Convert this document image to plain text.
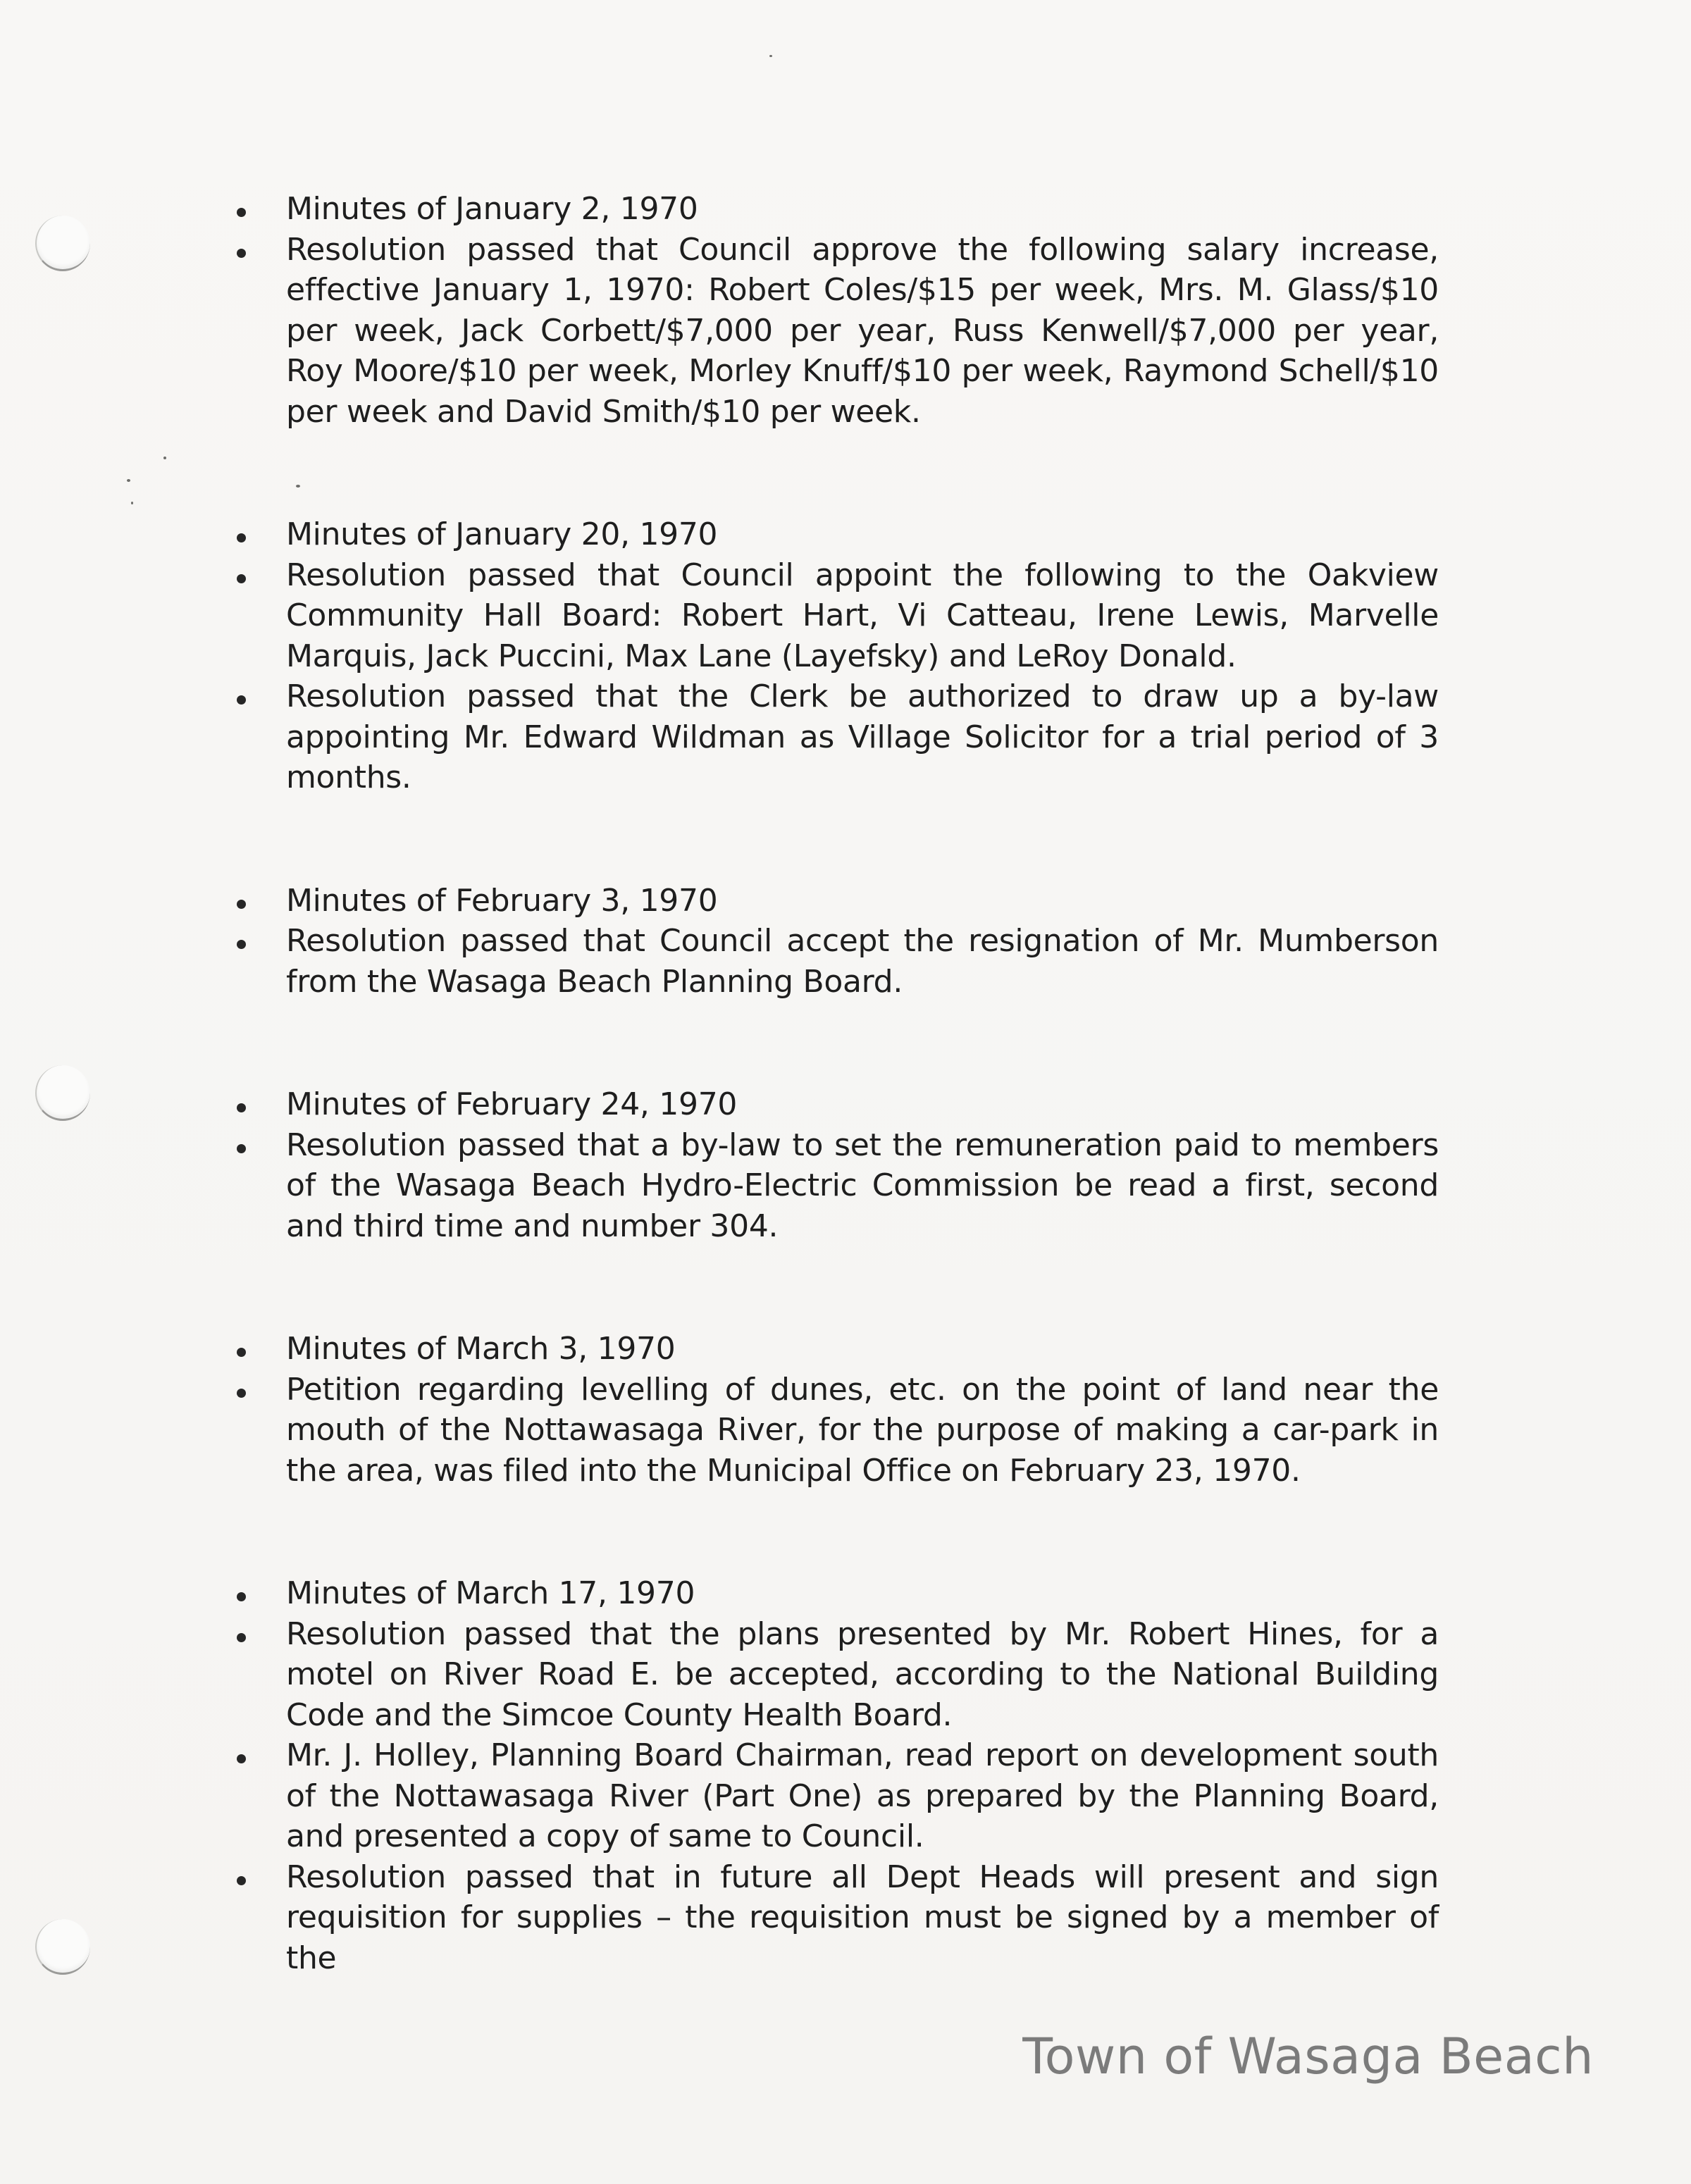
Minutes of January 2, 1970
Resolution passed that Council approve the following salary increase, effective January 1, 1970: Robert Coles/$15 per week, Mrs. M. Glass/$10 per week, Jack Corbett/$7,000 per year, Russ Kenwell/$7,000 per year, Roy Moore/$10 per week, Morley Knuff/$10 per week, Raymond Schell/$10 per week and David Smith/$10 per week.
Minutes of January 20, 1970
Resolution passed that Council appoint the following to the Oakview Community Hall Board: Robert Hart, Vi Catteau, Irene Lewis, Marvelle Marquis, Jack Puccini, Max Lane (Layefsky) and LeRoy Donald.
Resolution passed that the Clerk be authorized to draw up a by-law appointing Mr. Edward Wildman as Village Solicitor for a trial period of 3 months.
Minutes of February 3, 1970
Resolution passed that Council accept the resignation of Mr. Mumberson from the Wasaga Beach Planning Board.
Minutes of February 24, 1970
Resolution passed that a by-law to set the remuneration paid to members of the Wasaga Beach Hydro-Electric Commission be read a first, second and third time and number 304.
Minutes of March 3, 1970
Petition regarding levelling of dunes, etc. on the point of land near the mouth of the Nottawasaga River, for the purpose of making a car-park in the area, was filed into the Municipal Office on February 23, 1970.
Minutes of March 17, 1970
Resolution passed that the plans presented by Mr. Robert Hines, for a motel on River Road E. be accepted, according to the National Building Code and the Simcoe County Health Board.
Mr. J. Holley, Planning Board Chairman, read report on development south of the Nottawasaga River (Part One) as prepared by the Planning Board, and presented a copy of same to Council.
Resolution passed that in future all Dept Heads will present and sign requisition for supplies – the requisition must be signed by a member of the
Town of Wasaga Beach
